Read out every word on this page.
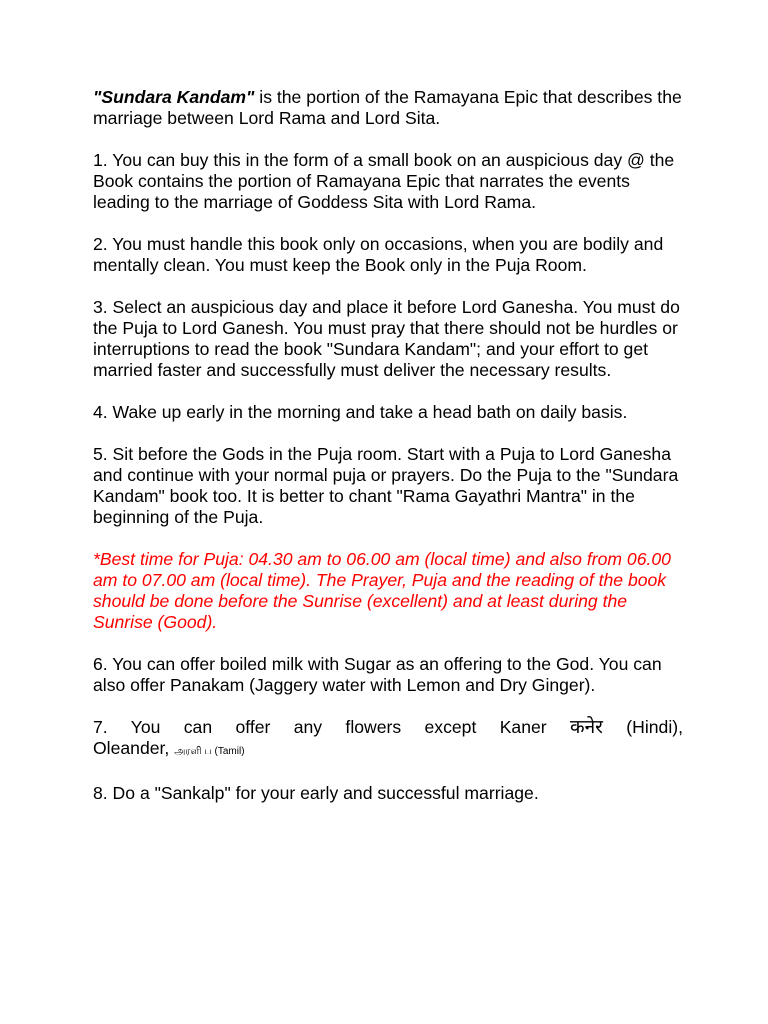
"Sundara Kandam" is the portion of the Ramayana Epic that describes the marriage between Lord Rama and Lord Sita.

1. You can buy this in the form of a small book on an auspicious day @ the Book contains the portion of Ramayana Epic that narrates the events leading to the marriage of Goddess Sita with Lord Rama.

2. You must handle this book only on occasions, when you are bodily and mentally clean. You must keep the Book only in the Puja Room.

3. Select an auspicious day and place it before Lord Ganesha. You must do the Puja to Lord Ganesh. You must pray that there should not be hurdles or interruptions to read the book "Sundara Kandam"; and your effort to get married faster and successfully must deliver the necessary results.

4. Wake up early in the morning and take a head bath on daily basis.

5. Sit before the Gods in the Puja room. Start with a Puja to Lord Ganesha and continue with your normal puja or prayers. Do the Puja to the "Sundara Kandam" book too. It is better to chant "Rama Gayathri Mantra" in the beginning of the Puja.

*Best time for Puja: 04.30 am to 06.00 am (local time) and also from 06.00 am to 07.00 am (local time). The Prayer, Puja and the reading of the book should be done before the Sunrise (excellent) and at least during the Sunrise (Good).

6. You can offer boiled milk with Sugar as an offering to the God. You can also offer Panakam (Jaggery water with Lemon and Dry Ginger).

7. You can offer any flowers except Kaner कनेर (Hindi),
Oleander, அரளி ப (Tamil)

8. Do a "Sankalp" for your early and successful marriage.
